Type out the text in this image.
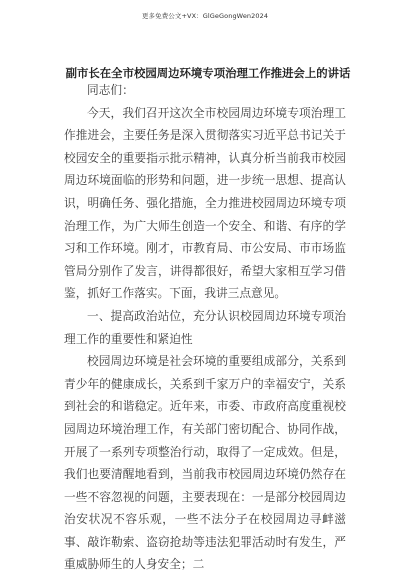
更多免费公文+VX：GlGeGongWen2024
副市长在全市校园周边环境专项治理工作推进会上的讲话

同志们：

今天，我们召开这次全市校园周边环境专项治理工作推进会，主要任务是深入贯彻落实习近平总书记关于校园安全的重要指示批示精神，认真分析当前我市校园周边环境面临的形势和问题，进一步统一思想、提高认识，明确任务、强化措施，全力推进校园周边环境专项治理工作，为广大师生创造一个安全、和谐、有序的学习和工作环境。刚才，市教育局、市公安局、市市场监管局分别作了发言，讲得都很好，希望大家相互学习借鉴，抓好工作落实。下面，我讲三点意见。

一、提高政治站位，充分认识校园周边环境专项治理工作的重要性和紧迫性

校园周边环境是社会环境的重要组成部分，关系到青少年的健康成长，关系到千家万户的幸福安宁，关系到社会的和谐稳定。近年来，市委、市政府高度重视校园周边环境治理工作，有关部门密切配合、协同作战，开展了一系列专项整治行动，取得了一定成效。但是，我们也要清醒地看到，当前我市校园周边环境仍然存在一些不容忽视的问题，主要表现在：一是部分校园周边治安状况不容乐观，一些不法分子在校园周边寻衅滋事、敲诈勒索、盗窃抢劫等违法犯罪活动时有发生，严重威胁师生的人身安全；二
